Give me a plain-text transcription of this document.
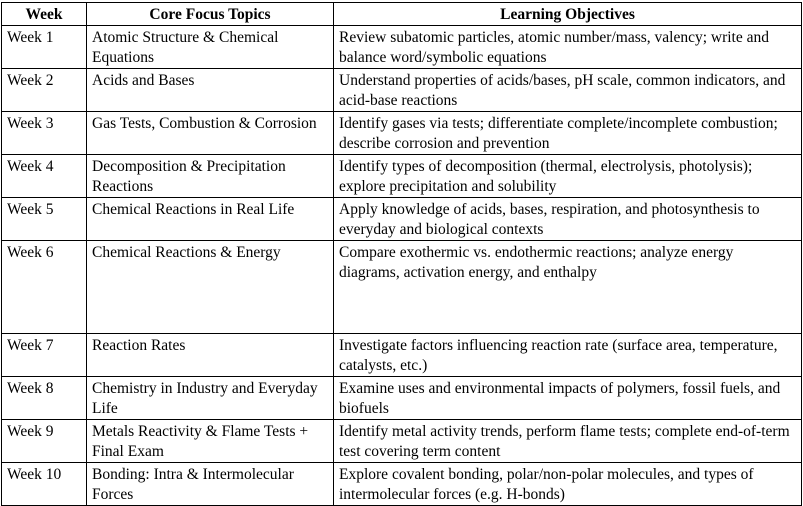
Week	Core Focus Topics	Learning Objectives

Week 1	Atomic Structure & Chemical Equations	Review subatomic particles, atomic number/mass, valency; write and balance word/symbolic equations

Week 2	Acids and Bases	Understand properties of acids/bases, pH scale, common indicators, and acid-base reactions

Week 3	Gas Tests, Combustion & Corrosion	Identify gases via tests; differentiate complete/incomplete combustion; describe corrosion and prevention

Week 4	Decomposition & Precipitation Reactions	Identify types of decomposition (thermal, electrolysis, photolysis); explore precipitation and solubility

Week 5	Chemical Reactions in Real Life	Apply knowledge of acids, bases, respiration, and photosynthesis to everyday and biological contexts

Week 6	Chemical Reactions & Energy	Compare exothermic vs. endothermic reactions; analyze energy diagrams, activation energy, and enthalpy

Week 7	Reaction Rates	Investigate factors influencing reaction rate (surface area, temperature, catalysts, etc.)

Week 8	Chemistry in Industry and Everyday Life	Examine uses and environmental impacts of polymers, fossil fuels, and biofuels

Week 9	Metals Reactivity & Flame Tests + Final Exam	Identify metal activity trends, perform flame tests; complete end-of-term test covering term content

Week 10	Bonding: Intra & Intermolecular Forces	Explore covalent bonding, polar/non-polar molecules, and types of intermolecular forces (e.g. H-bonds)
